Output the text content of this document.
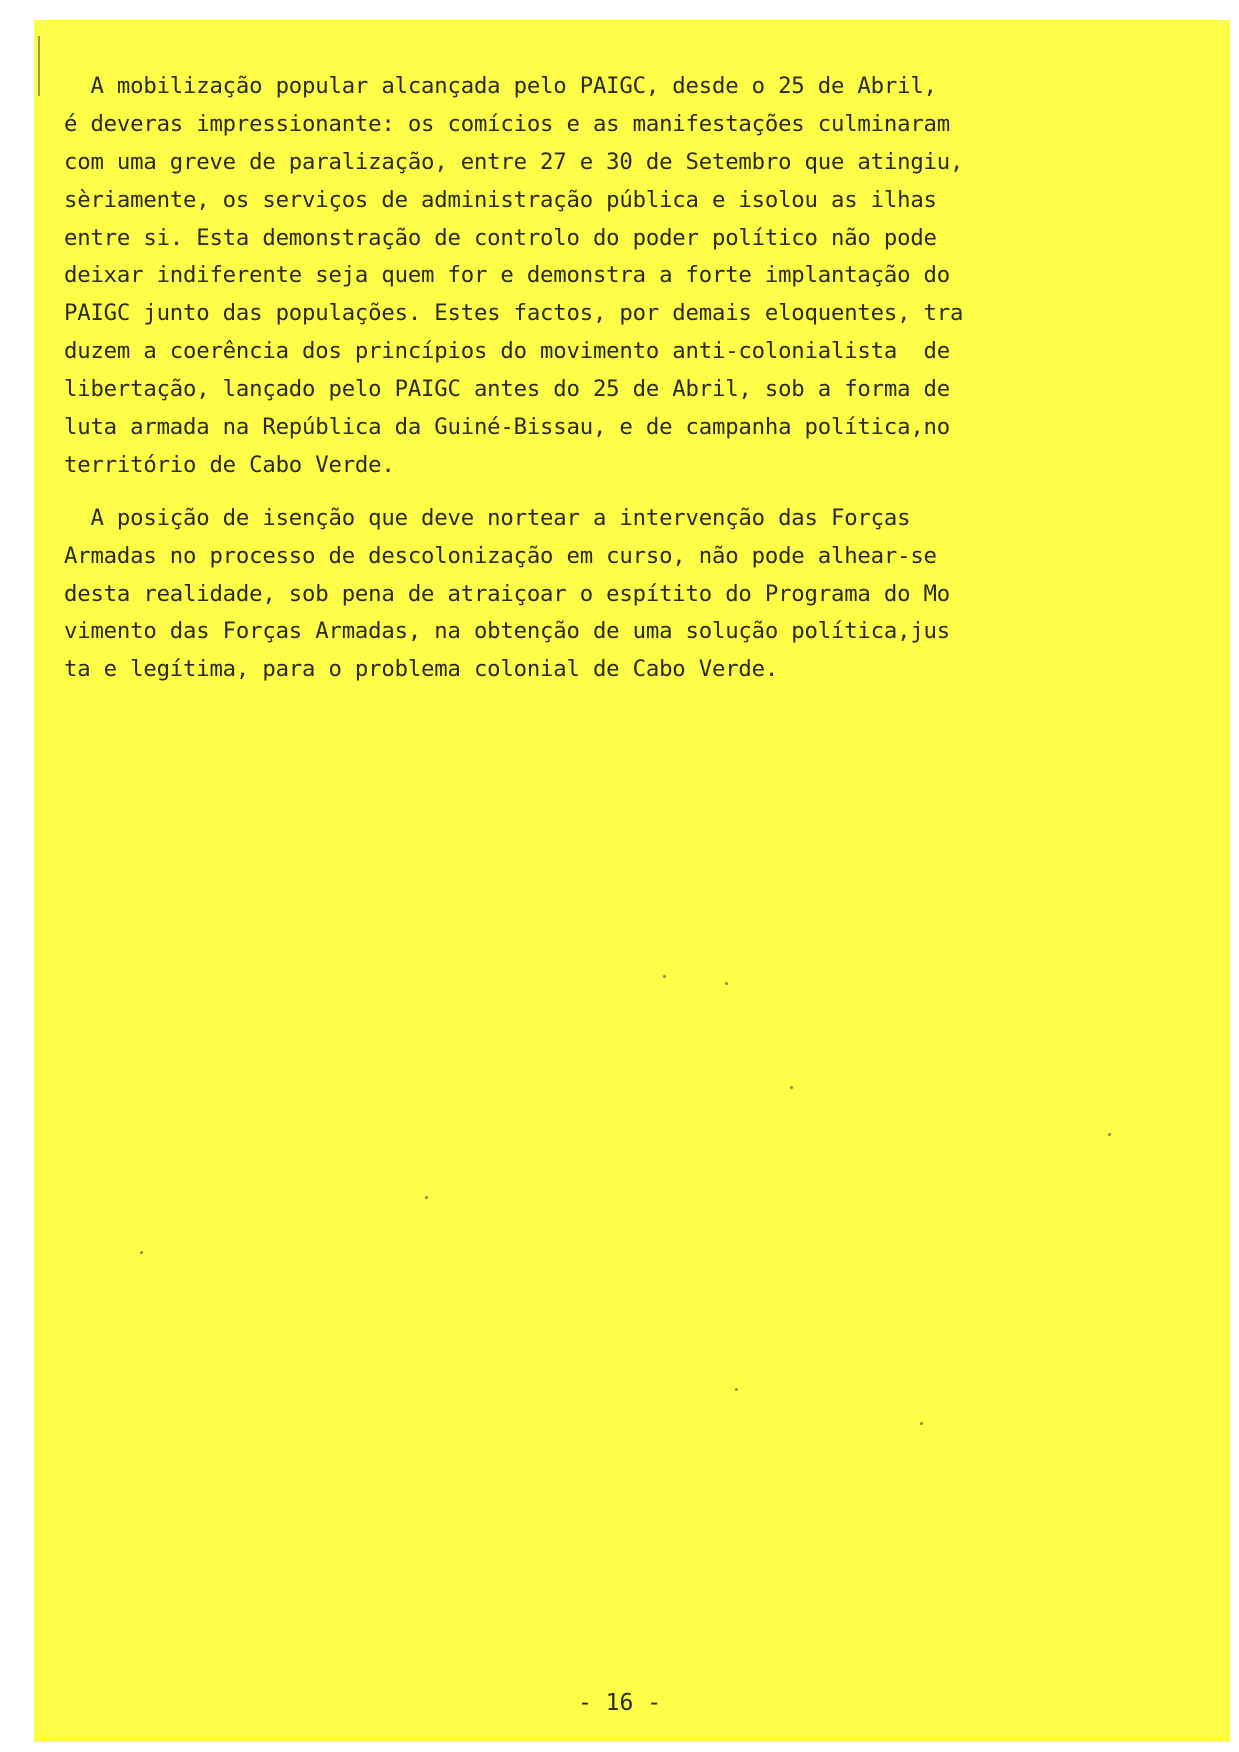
A mobilização popular alcançada pelo PAIGC, desde o 25 de Abril,
é deveras impressionante: os comícios e as manifestações culminaram
com uma greve de paralização, entre 27 e 30 de Setembro que atingiu,
sèriamente, os serviços de administração pública e isolou as ilhas
entre si. Esta demonstração de controlo do poder político não pode
deixar indiferente seja quem for e demonstra a forte implantação do
PAIGC junto das populações. Estes factos, por demais eloquentes, tra
duzem a coerência dos princípios do movimento anti-colonialista  de
libertação, lançado pelo PAIGC antes do 25 de Abril, sob a forma de
luta armada na República da Guiné-Bissau, e de campanha política,no
território de Cabo Verde.
A posição de isenção que deve nortear a intervenção das Forças
Armadas no processo de descolonização em curso, não pode alhear-se
desta realidade, sob pena de atraiçoar o espítito do Programa do Mo
vimento das Forças Armadas, na obtenção de uma solução política,jus
ta e legítima, para o problema colonial de Cabo Verde.
- 16 -
